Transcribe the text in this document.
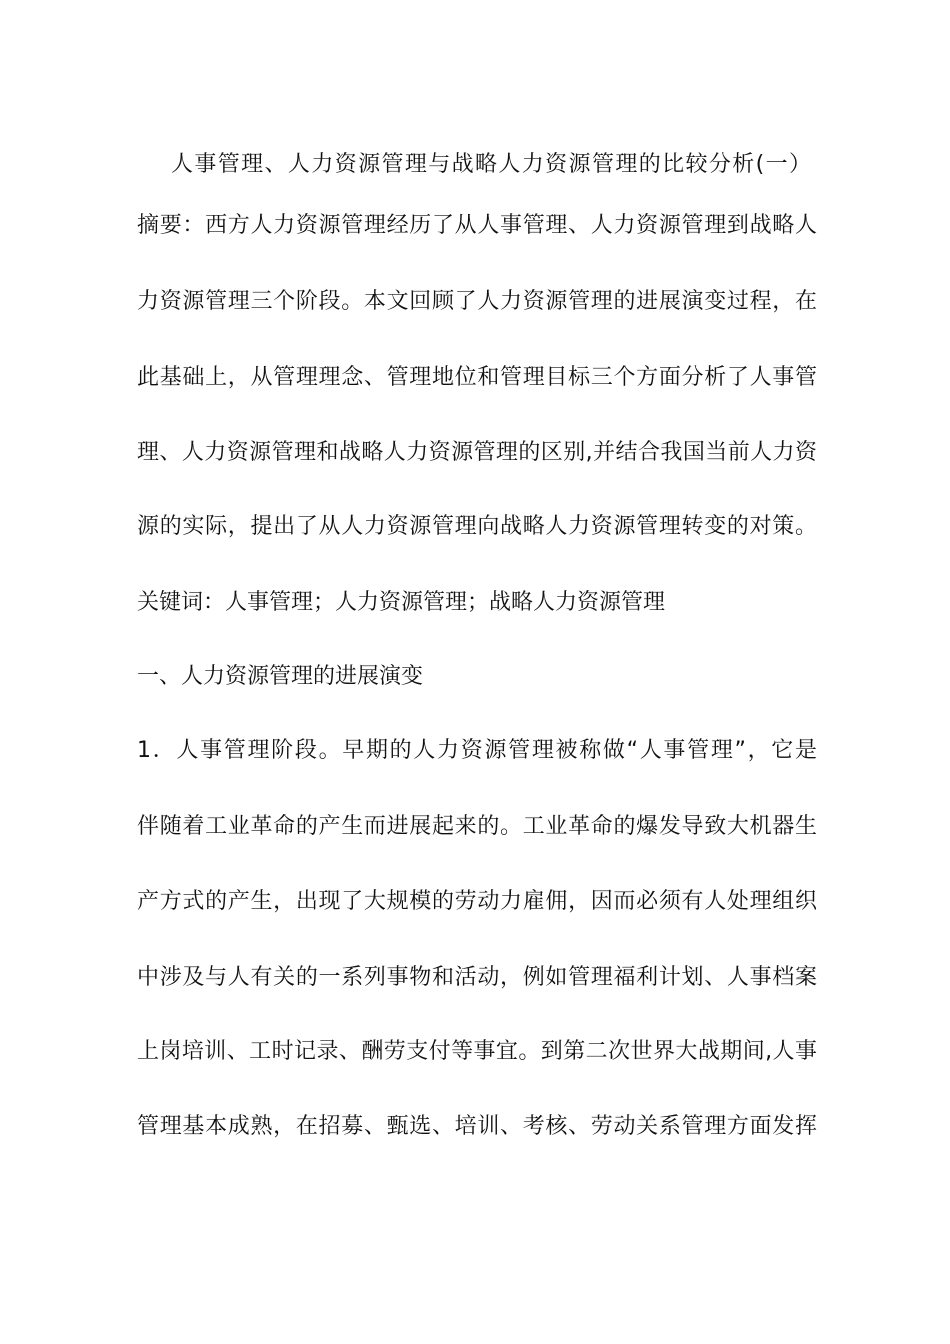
人事管理、人力资源管理与战略人力资源管理的比较分析(一）
摘要：西方人力资源管理经历了从人事管理、人力资源管理到战略人
力资源管理三个阶段。本文回顾了人力资源管理的进展演变过程，在
此基础上，从管理理念、管理地位和管理目标三个方面分析了人事管
理、人力资源管理和战略人力资源管理的区别,并结合我国当前人力资
源的实际，提出了从人力资源管理向战略人力资源管理转变的对策。
关键词：人事管理；人力资源管理；战略人力资源管理
一、人力资源管理的进展演变
1．人事管理阶段。早期的人力资源管理被称做“人事管理”，它是
伴随着工业革命的产生而进展起来的。工业革命的爆发导致大机器生
产方式的产生，出现了大规模的劳动力雇佣，因而必须有人处理组织
中涉及与人有关的一系列事物和活动，例如管理福利计划、人事档案
上岗培训、工时记录、酬劳支付等事宜。到第二次世界大战期间,人事
管理基本成熟，在招募、甄选、培训、考核、劳动关系管理方面发挥
